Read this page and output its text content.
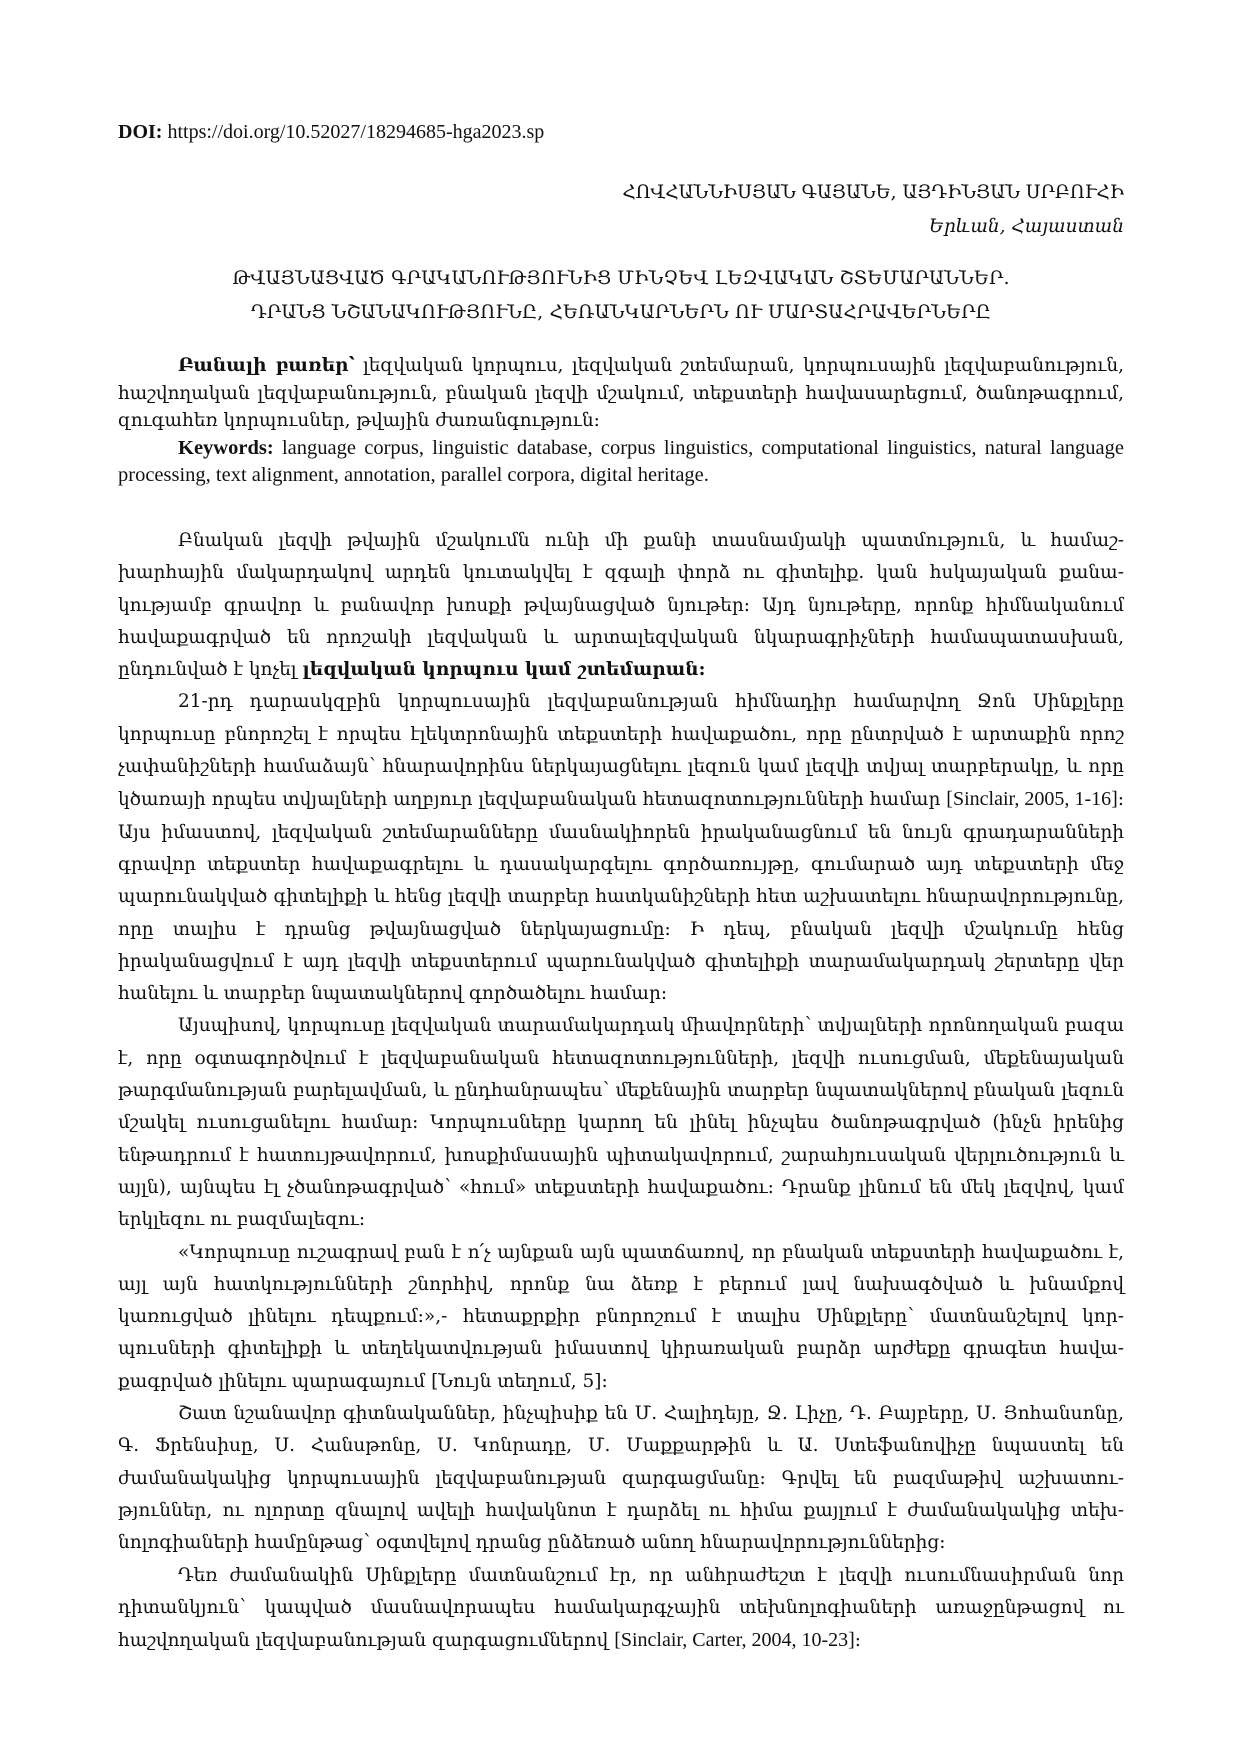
DOI: https://doi.org/10.52027/18294685-hga2023.sp
ՀՈՎՀԱՆՆԻՍՅԱՆ ԳԱՅԱՆԵ, ԱՅԴԻՆՅԱՆ ՍՐԲՈՒՀԻ
Երևան, Հայաստան
ԹՎԱՅՆԱՑՎԱԾ ԳՐԱԿԱՆՈՒԹՅՈՒՆԻՑ ՄԻՆՉԵՎ ԼԵԶՎԱԿԱՆ ՇՏԵՄԱՐԱՆՆԵՐ.
ԴՐԱՆՑ ՆՇԱՆԱԿՈՒԹՅՈՒՆԸ, ՀԵՌԱՆԿԱՐՆԵՐՆ ՈՒ ՄԱՐՏԱՀՐԱՎԵՐՆԵՐԸ

Բանալի բառեր՝ լեզվական կորպուս, լեզվական շտեմարան, կորպուսային լեզվաբանություն, հաշվողական լեզվաբանություն, բնական լեզվի մշակում, տեքստերի հավասարեցում, ծանոթագրում, զուգահեռ կորպուսներ, թվային ժառանգություն:

Keywords: language corpus, linguistic database, corpus linguistics, computational linguistics, natural language processing, text alignment, annotation, parallel corpora, digital heritage.

Բնական լեզվի թվային մշակումն ունի մի քանի տասնամյակի պատմություն, և համաշխարհային մակարդակով արդեն կուտակվել է զգալի փորձ ու գիտելիք. կան հսկայական քանակությամբ գրավոր և բանավոր խոսքի թվայնացված նյութեր: Այդ նյութերը, որոնք հիմնականում հավաքագրված են որոշակի լեզվական և արտալեզվական նկարագրիչների համապատասխան, ընդունված է կոչել լեզվական կորպուս կամ շտեմարան:

21-րդ դարասկզբին կորպուսային լեզվաբանության հիմնադիր համարվող Ջոն Սինքլերը կորպուսը բնորոշել է որպես էլեկտրոնային տեքստերի հավաքածու, որը ընտրված է արտաքին որոշ չափանիշների համաձայն՝ հնարավորինս ներկայացնելու լեզուն կամ լեզվի տվյալ տարբերակը, և որը կծառայի որպես տվյալների աղբյուր լեզվաբանական հետազոտությունների համար [Sinclair, 2005, 1-16]: Այս իմաստով, լեզվական շտեմարանները մասնակիորեն իրականացնում են նույն գրադարանների գրավոր տեքստեր հավաքագրելու և դասակարգելու գործառույթը, գումարած այդ տեքստերի մեջ պարունակված գիտելիքի և հենց լեզվի տարբեր հատկանիշների հետ աշխատելու հնարավորությունը, որը տալիս է դրանց թվայնացված ներկայացումը: Ի դեպ, բնական լեզվի մշակումը հենց իրականացվում է այդ լեզվի տեքստերում պարունակված գիտելիքի տարամակարդակ շերտերը վեր հանելու և տարբեր նպատակներով գործածելու համար:

Այսպիսով, կորպուսը լեզվական տարամակարդակ միավորների՝ տվյալների որոնողական բազա է, որը օգտագործվում է լեզվաբանական հետազոտությունների, լեզվի ուսուցման, մեքենայական թարգմանության բարելավման, և ընդհանրապես՝ մեքենային տարբեր նպատակներով բնական լեզուն մշակել ուսուցանելու համար: Կորպուսները կարող են լինել ինչպես ծանոթագրված (ինչն իրենից ենթադրում է հատույթավորում, խոսքիմասային պիտակավորում, շարահյուսական վերլուծություն և այլն), այնպես էլ չծանոթագրված՝ «հում» տեքստերի հավաքածու: Դրանք լինում են մեկ լեզվով, կամ երկլեզու ու բազմալեզու:

«Կորպուսը ուշագրավ բան է ո՛չ այնքան այն պատճառով, որ բնական տեքստերի հավաքածու է, այլ այն հատկությունների շնորհիվ, որոնք նա ձեռք է բերում լավ նախագծված և խնամքով կառուցված լինելու դեպքում:»,- հետաքրքիր բնորոշում է տալիս Սինքլերը՝ մատնանշելով կորպուսների գիտելիքի և տեղեկատվության իմաստով կիրառական բարձր արժեքը գրագետ հավաքագրված լինելու պարագայում [Նույն տեղում, 5]:

Շատ նշանավոր գիտնականներ, ինչպիսիք են Մ. Հալիդեյը, Ջ. Լիչը, Դ. Բայբերը, Ս. Յոհանսոնը, Գ. Ֆրենսիսը, Ս. Հանսթոնը, Ս. Կոնրադը, Մ. Մաքքարթին և Ա. Ստեֆանովիչը նպաստել են ժամանակակից կորպուսային լեզվաբանության զարգացմանը: Գրվել են բազմաթիվ աշխատություններ, ու ոլորտը զնալով ավելի հավակնոտ է դարձել ու հիմա քայլում է ժամանակակից տեխնոլոգիաների համընթաց՝ օգտվելով դրանց ընձեռած անող հնարավորություններից:

Դեռ ժամանակին Սինքլերը մատնանշում էր, որ անհրաժեշտ է լեզվի ուսումնասիրման նոր դիտանկյուն՝ կապված մասնավորապես համակարգչային տեխնոլոգիաների առաջընթացով ու հաշվողական լեզվաբանության զարգացումներով [Sinclair, Carter, 2004, 10-23]:
